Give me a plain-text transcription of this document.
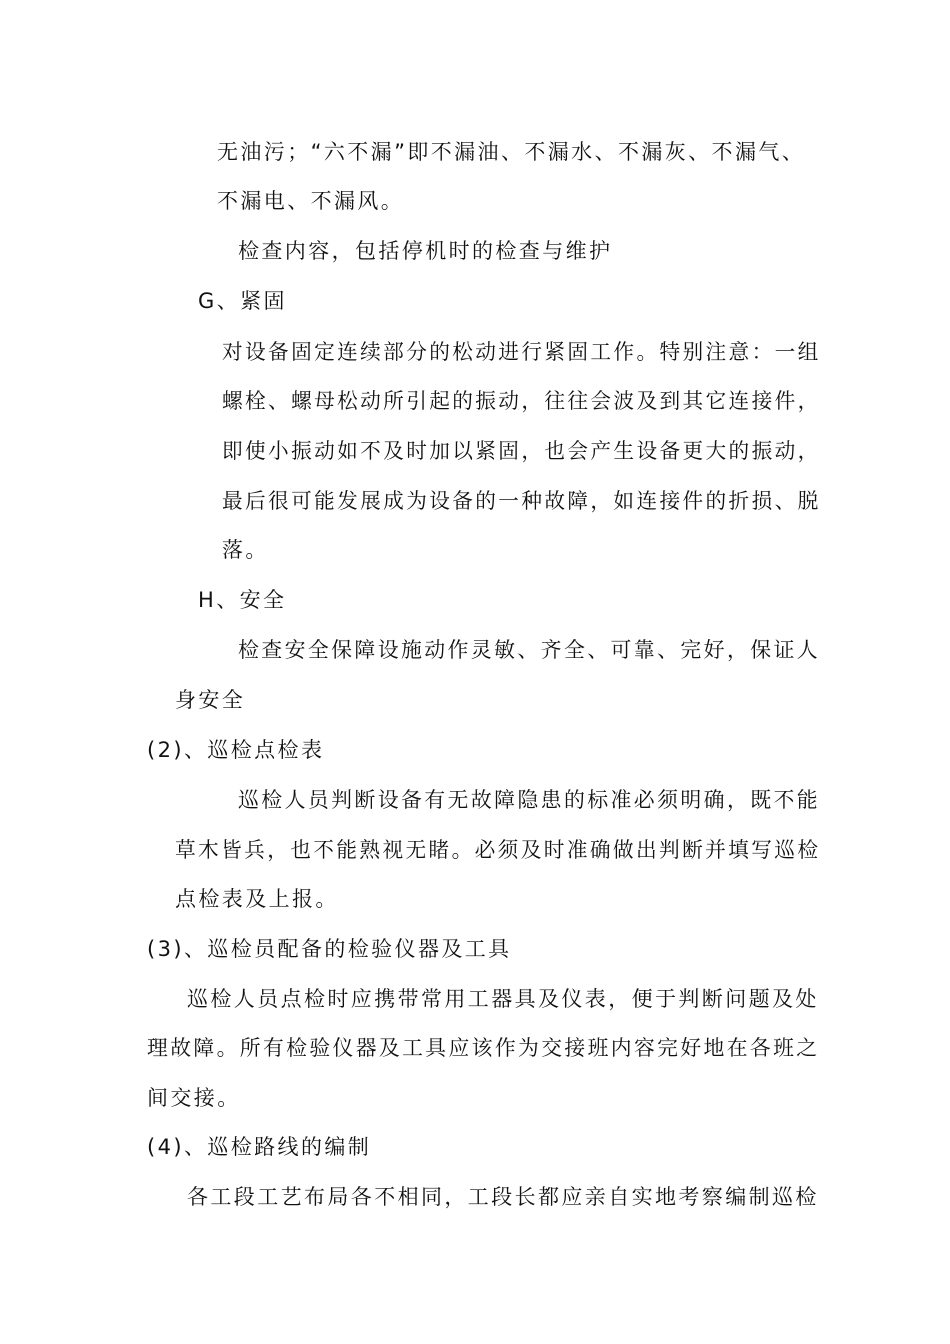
无油污；“六不漏”即不漏油、不漏水、不漏灰、不漏气、

不漏电、不漏风。

检查内容，包括停机时的检查与维护

G、紧固

对设备固定连续部分的松动进行紧固工作。特别注意：一组

螺栓、螺母松动所引起的振动，往往会波及到其它连接件，

即使小振动如不及时加以紧固，也会产生设备更大的振动，

最后很可能发展成为设备的一种故障，如连接件的折损、脱

落。

H、安全

检查安全保障设施动作灵敏、齐全、可靠、完好，保证人

身安全

(2)、巡检点检表

巡检人员判断设备有无故障隐患的标准必须明确，既不能

草木皆兵，也不能熟视无睹。必须及时准确做出判断并填写巡检

点检表及上报。

(3)、巡检员配备的检验仪器及工具

巡检人员点检时应携带常用工器具及仪表，便于判断问题及处

理故障。所有检验仪器及工具应该作为交接班内容完好地在各班之

间交接。

(4)、巡检路线的编制

各工段工艺布局各不相同，工段长都应亲自实地考察编制巡检
